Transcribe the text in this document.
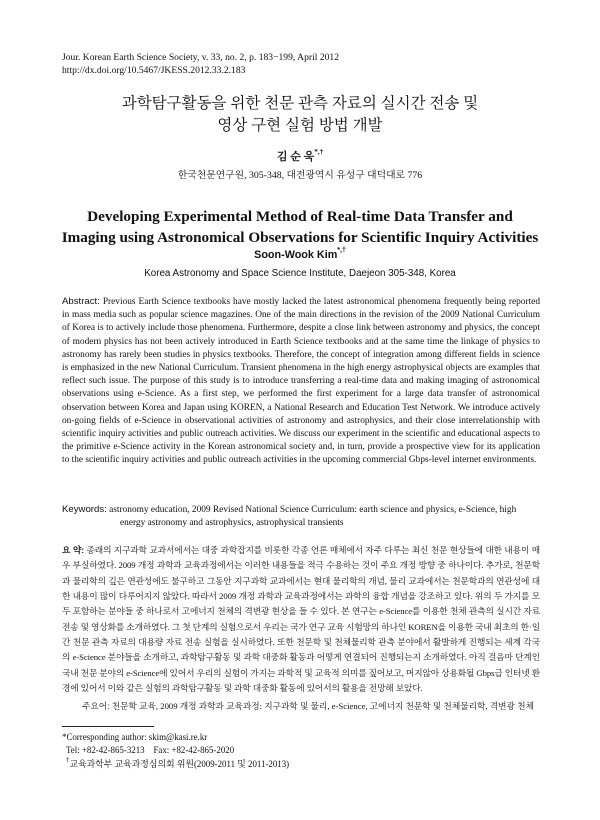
Jour. Korean Earth Science Society, v. 33, no. 2, p. 183−199, April 2012
http://dx.doi.org/10.5467/JKESS.2012.33.2.183
과학탐구활동을 위한 천문 관측 자료의 실시간 전송 및
영상 구현 실험 방법 개발
김 순 욱*,†
한국천문연구원, 305-348, 대전광역시 유성구 대덕대로 776
Developing Experimental Method of Real-time Data Transfer and
Imaging using Astronomical Observations for Scientific Inquiry Activities
Soon-Wook Kim*,†
Korea Astronomy and Space Science Institute, Daejeon 305-348, Korea
Abstract: Previous Earth Science textbooks have mostly lacked the latest astronomical phenomena frequently being reported in mass media such as popular science magazines. One of the main directions in the revision of the 2009 National Curriculum of Korea is to actively include those phenomena. Furthermore, despite a close link between astronomy and physics, the concept of modern physics has not been actively introduced in Earth Science textbooks and at the same time the linkage of physics to astronomy has rarely been studies in physics textbooks. Therefore, the concept of integration among different fields in science is emphasized in the new National Curriculum. Transient phenomena in the high energy astrophysical objects are examples that reflect such issue. The purpose of this study is to introduce transferring a real-time data and making imaging of astronomical observations using e-Science. As a first step, we performed the first experiment for a large data transfer of astronomical observation between Korea and Japan using KOREN, a National Research and Education Test Network. We introduce actively on-going fields of e-Science in observational activities of astronomy and astrophysics, and their close interrelationship with scientific inquiry activities and public outreach activities. We discuss our experiment in the scientific and educational aspects to the primitive e-Science activity in the Korean astronomical society and, in turn, provide a prospective view for its application to the scientific inquiry activities and public outreach activities in the upcoming commercial Gbps-level internet environments.
Keywords: astronomy education, 2009 Revised National Science Curriculum: earth science and physics, e-Science, high
energy astronomy and astrophysics, astrophysical transients
요 약: 종래의 지구과학 교과서에서는 대중 과학잡지를 비롯한 각종 언론 매체에서 자주 다루는 최신 천문 현상들에 대한 내용이 매우 부실하였다. 2009 개정 과학과 교육과정에서는 이러한 내용들을 적극 수용하는 것이 주요 개정 방향 중 하나이다. 추가로, 천문학과 물리학의 깊은 연관성에도 불구하고 그동안 지구과학 교과에서는 현대 물리학의 개념, 물리 교과에서는 천문학과의 연관성에 대한 내용이 많이 다루어지지 않았다. 따라서 2009 개정 과학과 교육과정에서는 과학의 융합 개념을 강조하고 있다. 위의 두 가지를 모두 포함하는 분야들 중 하나로서 고에너지 천체의 격변광 현상을 들 수 있다. 본 연구는 e-Science를 이용한 천체 관측의 실시간 자료 전송 및 영상화를 소개하였다. 그 첫 단계의 실험으로서 우리는 국가 연구 교육 시험망의 하나인 KOREN을 이용한 국내 최초의 한·일간 천문 관측 자료의 대용량 자료 전송 실험을 실시하였다. 또한 천문학 및 천체물리학 관측 분야에서 활발하게 진행되는 세계 각국의 e-Science 분야들을 소개하고, 과학탐구활동 및 과학 대중화 활동과 어떻게 연결되어 진행되는지 소개하였다. 아직 걸음마 단계인 국내 천문 분야의 e-Science에 있어서 우리의 실험이 가지는 과학적 및 교육적 의미를 짚어보고, 머지않아 상용화될 Gbps급 인터넷 환경에 있어서 이와 같은 실험의 과학탐구활동 및 과학 대중화 활동에 있어서의 활용을 전망해 보았다.
주요어: 천문학 교육, 2009 개정 과학과 교육과정: 지구과학 및 물리, e-Science, 고에너지 천문학 및 천체물리학, 격변광 천체
*Corresponding author: skim@kasi.re.kr
Tel: +82-42-865-3213    Fax: +82-42-865-2020
†교육과학부 교육과정심의회 위원(2009-2011 및 2011-2013)
